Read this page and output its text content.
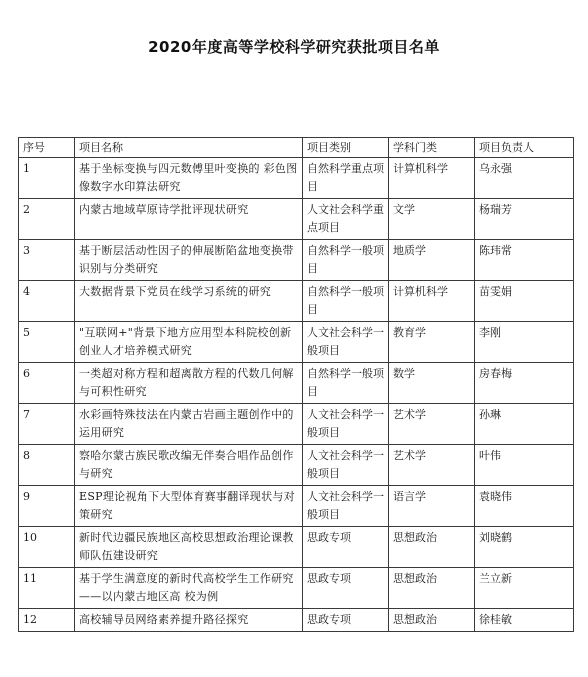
2020年度高等学校科学研究获批项目名单
序号	项目名称	项目类别	学科门类	项目负责人
1	基于坐标变换与四元数傅里叶变换的 彩色图像数字水印算法研究	自然科学重点项目	计算机科学	乌永强
2	内蒙古地域草原诗学批评现状研究	人文社会科学重点项目	文学	杨瑞芳
3	基于断层活动性因子的伸展断陷盆地变换带识别与分类研究	自然科学一般项目	地质学	陈玮常
4	大数据背景下党员在线学习系统的研究	自然科学一般项目	计算机科学	苗雯娟
5	"互联网+"背景下地方应用型本科院校创新创业人才培养模式研究	人文社会科学一般项目	教育学	李刚
6	一类超对称方程和超离散方程的代数几何解 与可积性研究	自然科学一般项目	数学	房春梅
7	水彩画特殊技法在内蒙古岩画主题创作中的运用研究	人文社会科学一般项目	艺术学	孙琳
8	察哈尔蒙古族民歌改编无伴奏合唱作品创作与研究	人文社会科学一般项目	艺术学	叶伟
9	ESP理论视角下大型体育赛事翻译现状与对策研究	人文社会科学一般项目	语言学	袁晓伟
10	新时代边疆民族地区高校思想政治理论课教师队伍建设研究	思政专项	思想政治	刘晓鹤
11	基于学生满意度的新时代高校学生工作研究——以内蒙古地区高 校为例	思政专项	思想政治	兰立新
12	高校辅导员网络素养提升路径探究	思政专项	思想政治	徐桂敏
